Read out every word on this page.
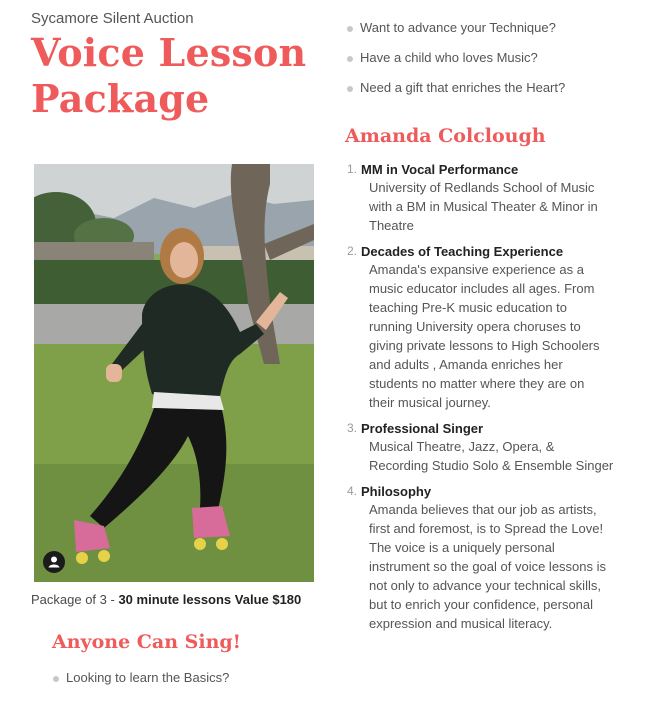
Sycamore Silent Auction
Voice Lesson
Package
Package of 3 - 30 minute lessons Value $180
Anyone Can Sing!
Looking to learn the Basics?
Want to advance your Technique?
Have a child who loves Music?
Need a gift that enriches the Heart?
Amanda Colclough
1. MM in Vocal Performance
University of Redlands School of Music
with a BM in Musical Theater & Minor in
Theatre
2. Decades of Teaching Experience
Amanda's expansive experience as a
music educator includes all ages. From
teaching Pre-K music education to
running University opera choruses to
giving private lessons to High Schoolers
and adults , Amanda enriches her
students no matter where they are on
their musical journey.
3. Professional Singer
Musical Theatre, Jazz, Opera, &
Recording Studio Solo & Ensemble Singer
4. Philosophy
Amanda believes that our job as artists,
first and foremost, is to Spread the Love!
The voice is a uniquely personal
instrument so the goal of voice lessons is
not only to advance your technical skills,
but to enrich your confidence, personal
expression and musical literacy.
